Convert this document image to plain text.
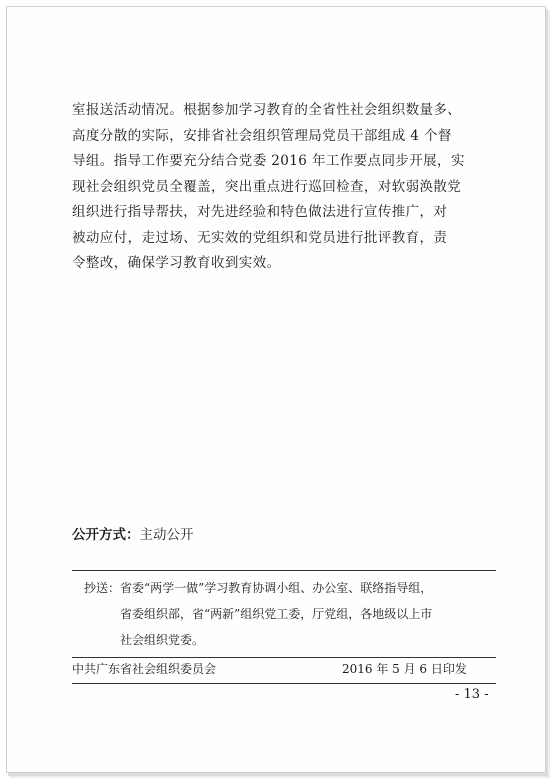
室报送活动情况。根据参加学习教育的全省性社会组织数量多、
高度分散的实际，安排省社会组织管理局党员干部组成 4 个督
导组。指导工作要充分结合党委 2016 年工作要点同步开展，实
现社会组织党员全覆盖，突出重点进行巡回检查，对软弱涣散党
组织进行指导帮扶，对先进经验和特色做法进行宣传推广，对
被动应付，走过场、无实效的党组织和党员进行批评教育，责
令整改，确保学习教育收到实效。
公开方式：主动公开
抄送：省委“两学一做”学习教育协调小组、办公室、联络指导组，
省委组织部，省“两新”组织党工委，厅党组，各地级以上市
社会组织党委。
中共广东省社会组织委员会	2016 年 5 月 6 日印发
- 13 -
